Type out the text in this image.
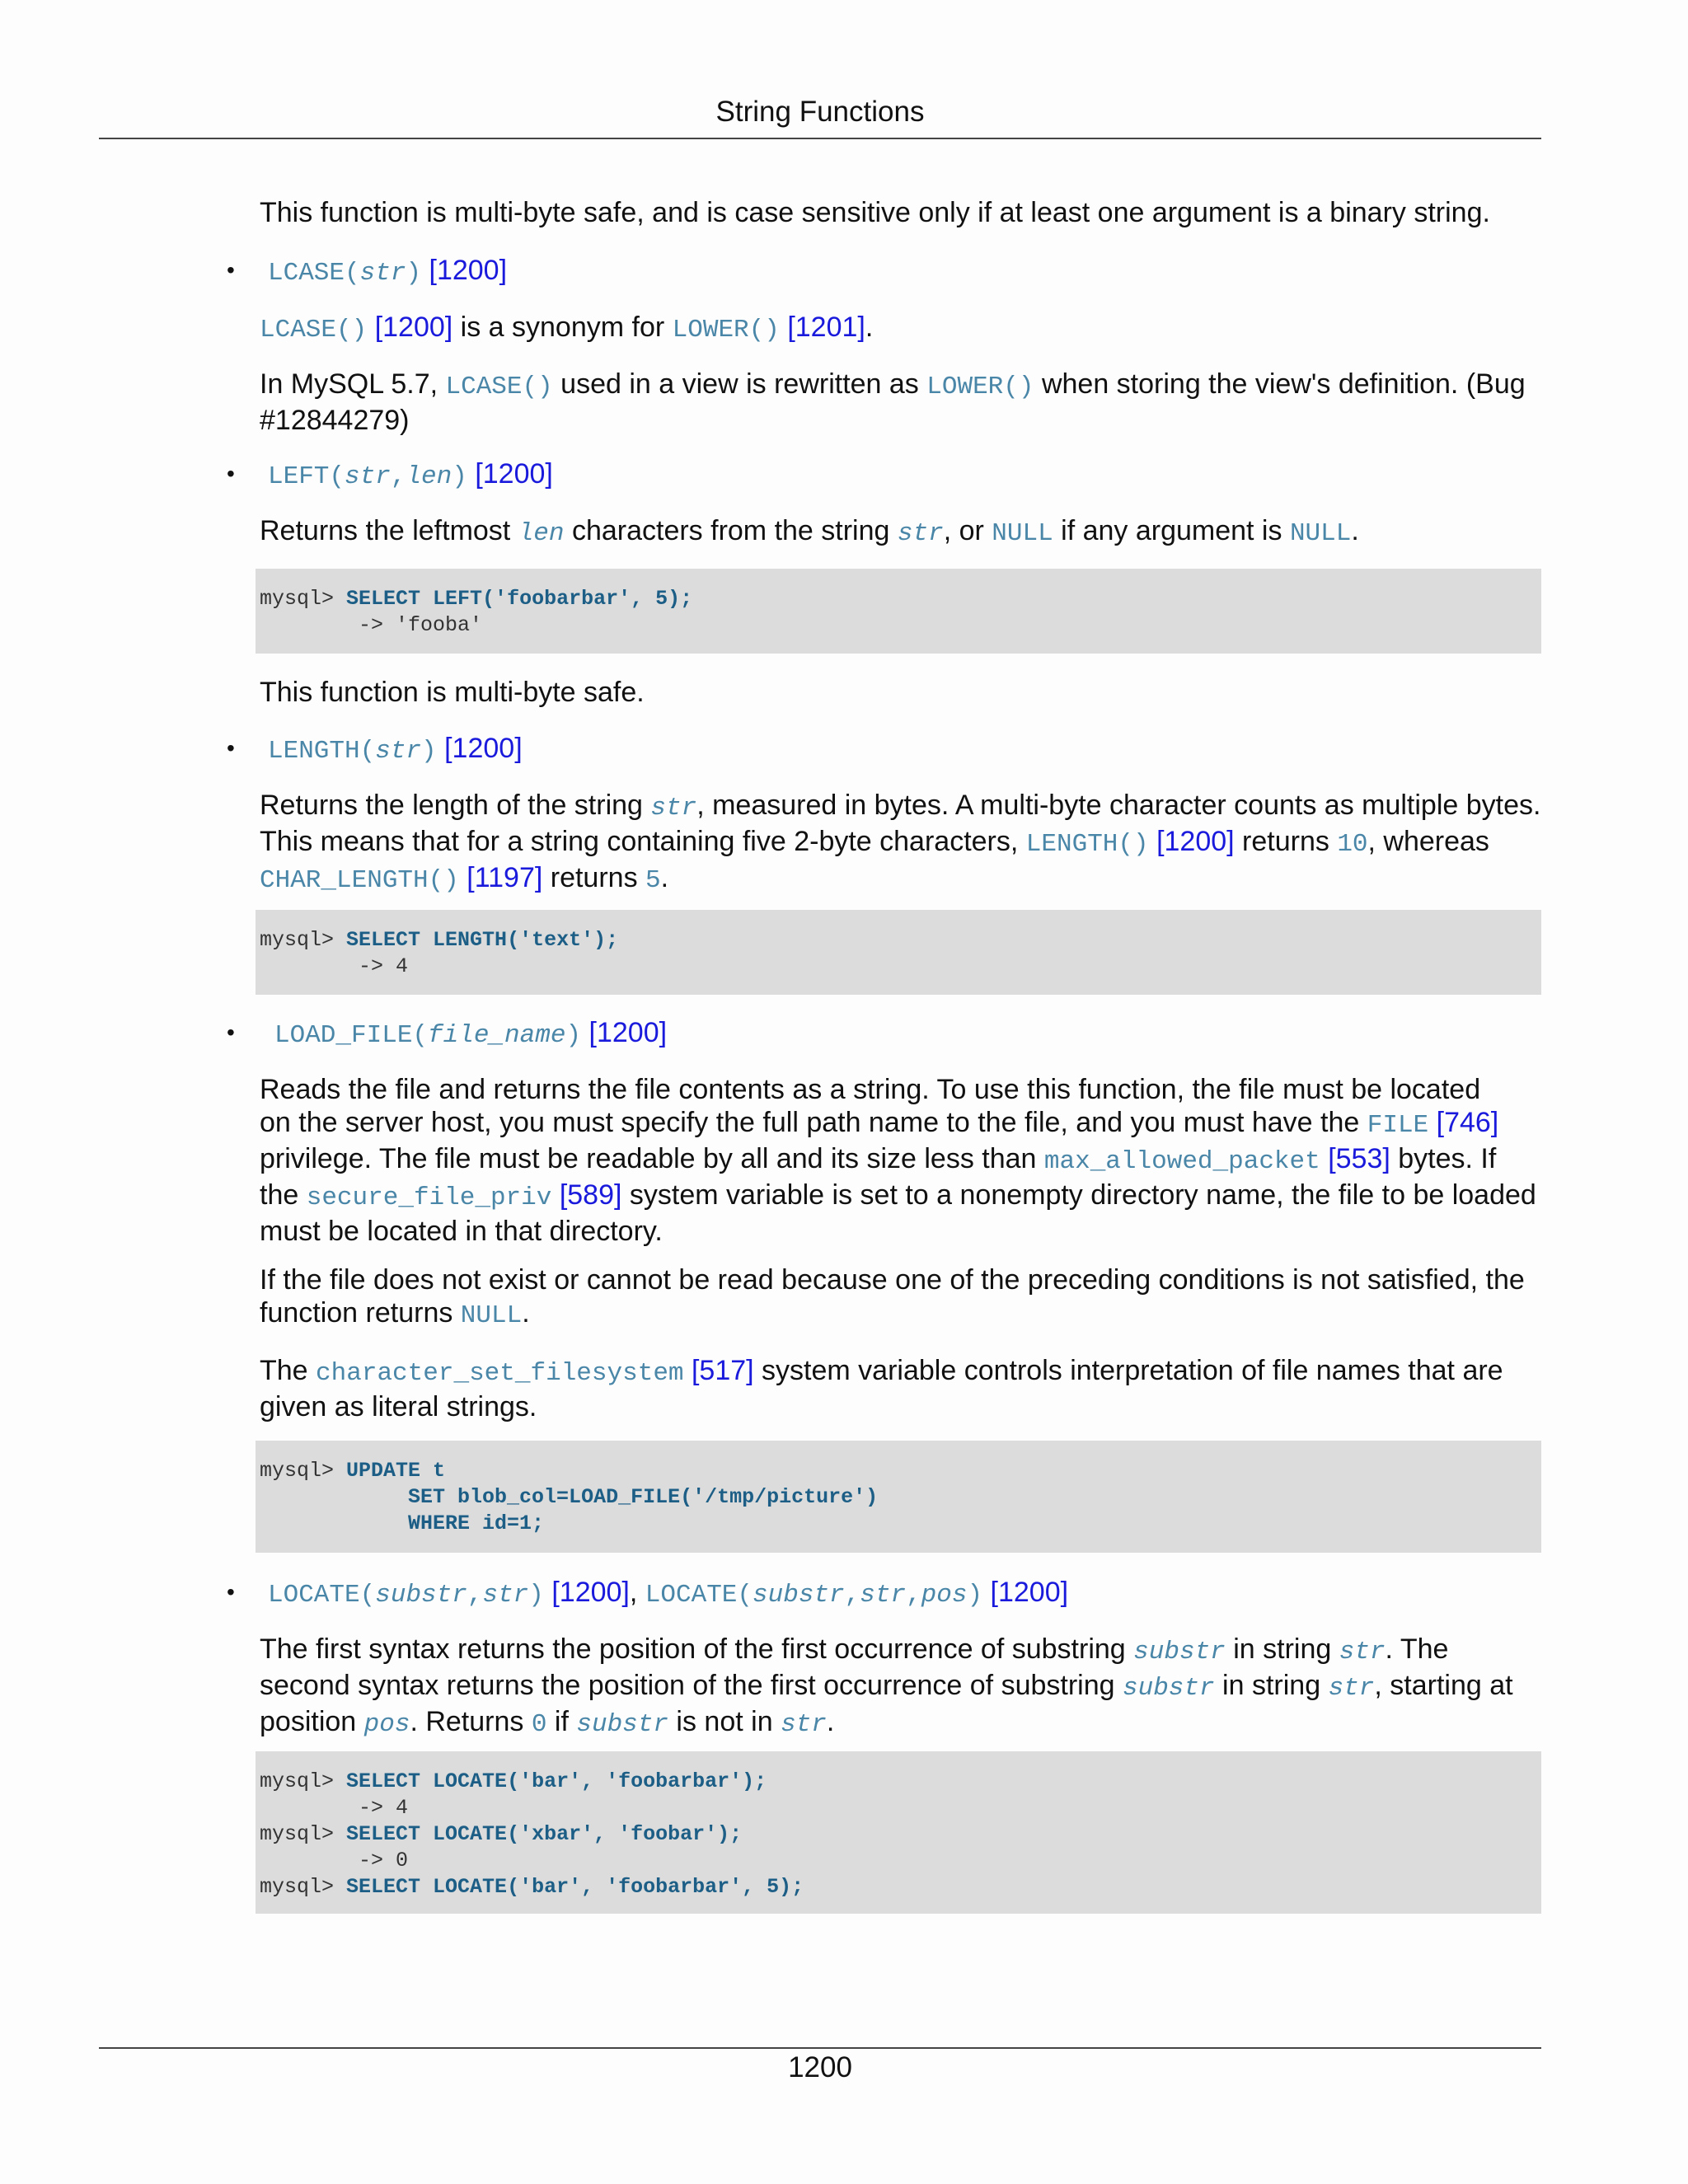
String Functions

This function is multi-byte safe, and is case sensitive only if at least one argument is a binary string.

• LCASE(str) [1200]

LCASE() [1200] is a synonym for LOWER() [1201].

In MySQL 5.7, LCASE() used in a view is rewritten as LOWER() when storing the view's definition. (Bug
#12844279)

• LEFT(str,len) [1200]

Returns the leftmost len characters from the string str, or NULL if any argument is NULL.

mysql> SELECT LEFT('foobarbar', 5);
-> 'fooba'

This function is multi-byte safe.

• LENGTH(str) [1200]

Returns the length of the string str, measured in bytes. A multi-byte character counts as multiple bytes.
This means that for a string containing five 2-byte characters, LENGTH() [1200] returns 10, whereas
CHAR_LENGTH() [1197] returns 5.

mysql> SELECT LENGTH('text');
-> 4
• LOAD_FILE(file_name) [1200]

Reads the file and returns the file contents as a string. To use this function, the file must be located
on the server host, you must specify the full path name to the file, and you must have the FILE [746]
privilege. The file must be readable by all and its size less than max_allowed_packet [553] bytes. If
the secure_file_priv [589] system variable is set to a nonempty directory name, the file to be loaded
must be located in that directory.

If the file does not exist or cannot be read because one of the preceding conditions is not satisfied, the
function returns NULL.

The character_set_filesystem [517] system variable controls interpretation of file names that are
given as literal strings.

mysql> UPDATE t
SET blob_col=LOAD_FILE('/tmp/picture')
WHERE id=1;
• LOCATE(substr,str) [1200], LOCATE(substr,str,pos) [1200]

The first syntax returns the position of the first occurrence of substring substr in string str. The
second syntax returns the position of the first occurrence of substring substr in string str, starting at
position pos. Returns 0 if substr is not in str.

mysql> SELECT LOCATE('bar', 'foobarbar');
-> 4
mysql> SELECT LOCATE('xbar', 'foobar');
-> 0
mysql> SELECT LOCATE('bar', 'foobarbar', 5);
1200
